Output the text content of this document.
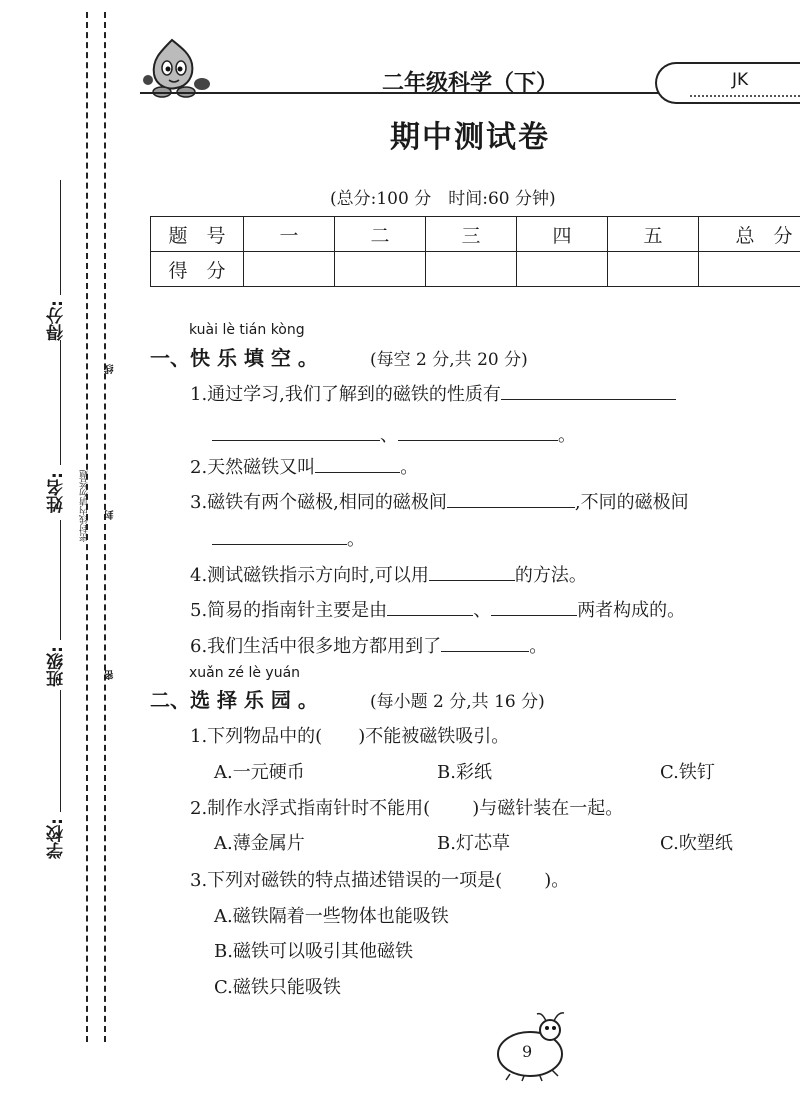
得分:
姓名:
班级:
学校:
密封线内请勿答题
线
封
密
二年级科学（下）	JK
期中测试卷
(总分:100 分　时间:60 分钟)
题　号	一	二	三	四	五	总　分
得　分						
kuài lè tián kòng
一、快 乐 填 空 。	(每空 2 分,共 20 分)
1.通过学习,我们了解到的磁铁的性质有
、	。
2.天然磁铁又叫	。
3.磁铁有两个磁极,相同的磁极间	,不同的磁极间
。
4.测试磁铁指示方向时,可以用	的方法。
5.简易的指南针主要是由	、	两者构成的。
6.我们生活中很多地方都用到了	。
xuǎn zé lè yuán
二、选 择 乐 园 。	(每小题 2 分,共 16 分)
1.下列物品中的( )不能被磁铁吸引。
A.一元硬币	B.彩纸	C.铁钉
2.制作水浮式指南针时不能用( )与磁针装在一起。
A.薄金属片	B.灯芯草	C.吹塑纸
3.下列对磁铁的特点描述错误的一项是( )。
A.磁铁隔着一些物体也能吸铁
B.磁铁可以吸引其他磁铁
C.磁铁只能吸铁
9
